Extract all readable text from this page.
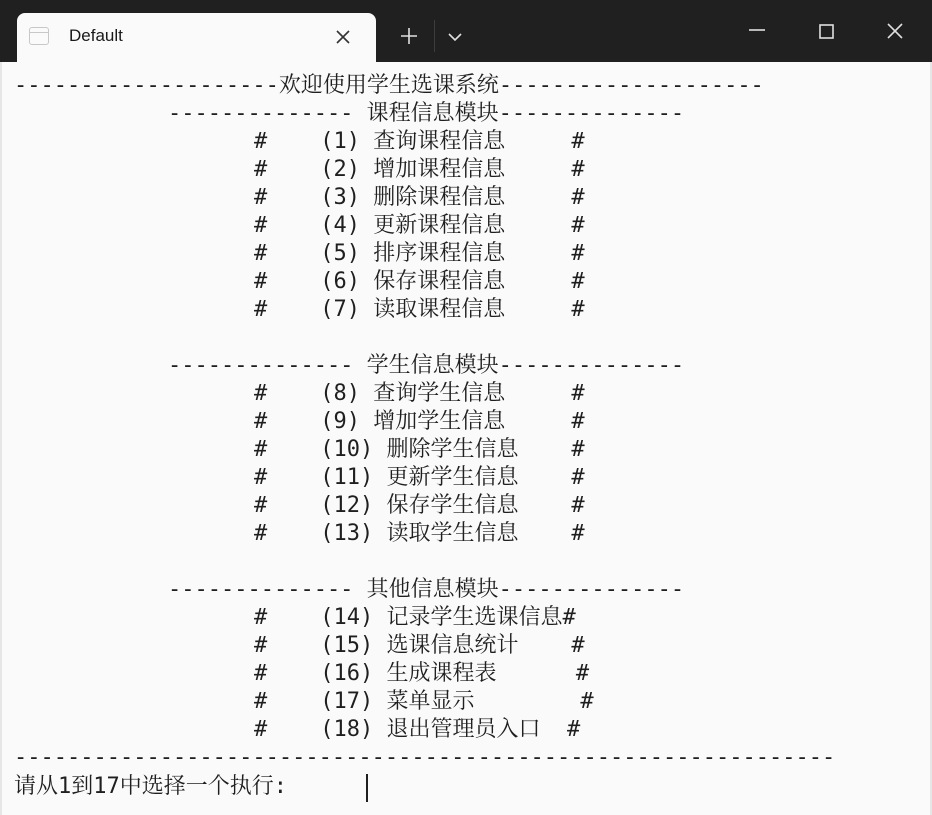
Default
--------------------欢迎使用学生选课系统--------------------
-------------- 课程信息模块--------------
#    (1) 查询课程信息     #
#    (2) 增加课程信息     #
#    (3) 删除课程信息     #
#    (4) 更新课程信息     #
#    (5) 排序课程信息     #
#    (6) 保存课程信息     #
#    (7) 读取课程信息     #
-------------- 学生信息模块--------------
#    (8) 查询学生信息     #
#    (9) 增加学生信息     #
#    (10) 删除学生信息    #
#    (11) 更新学生信息    #
#    (12) 保存学生信息    #
#    (13) 读取学生信息    #
-------------- 其他信息模块--------------
#    (14) 记录学生选课信息#
#    (15) 选课信息统计    #
#    (16) 生成课程表      #
#    (17) 菜单显示        #
#    (18) 退出管理员入口  #
--------------------------------------------------------------
请从1到17中选择一个执行:
